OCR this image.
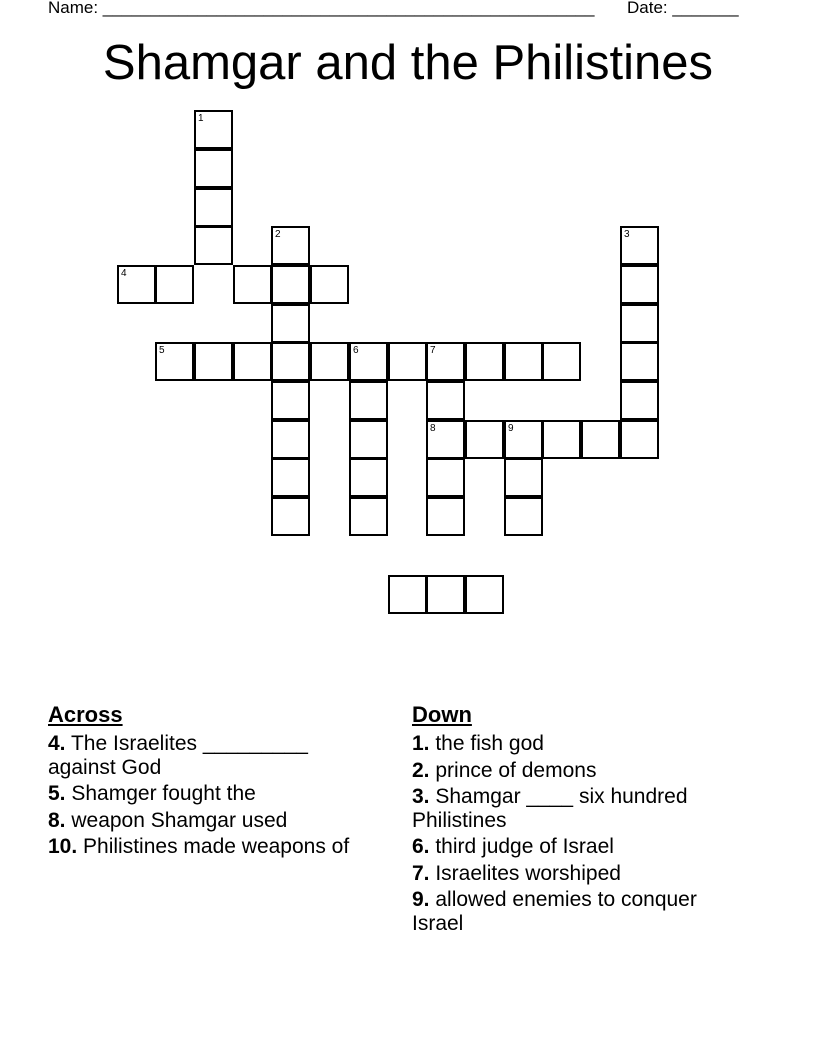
Name: ____________________________________________________ Date: _______
Shamgar and the Philistines
1
2	3
4
5	6	7
8	9
Across
4. The Israelites _________ against God
5. Shamger fought the
8. weapon Shamgar used
10. Philistines made weapons of
Down
1. the fish god
2. prince of demons
3. Shamgar ____ six hundred Philistines
6. third judge of Israel
7. Israelites worshiped
9. allowed enemies to conquer Israel
